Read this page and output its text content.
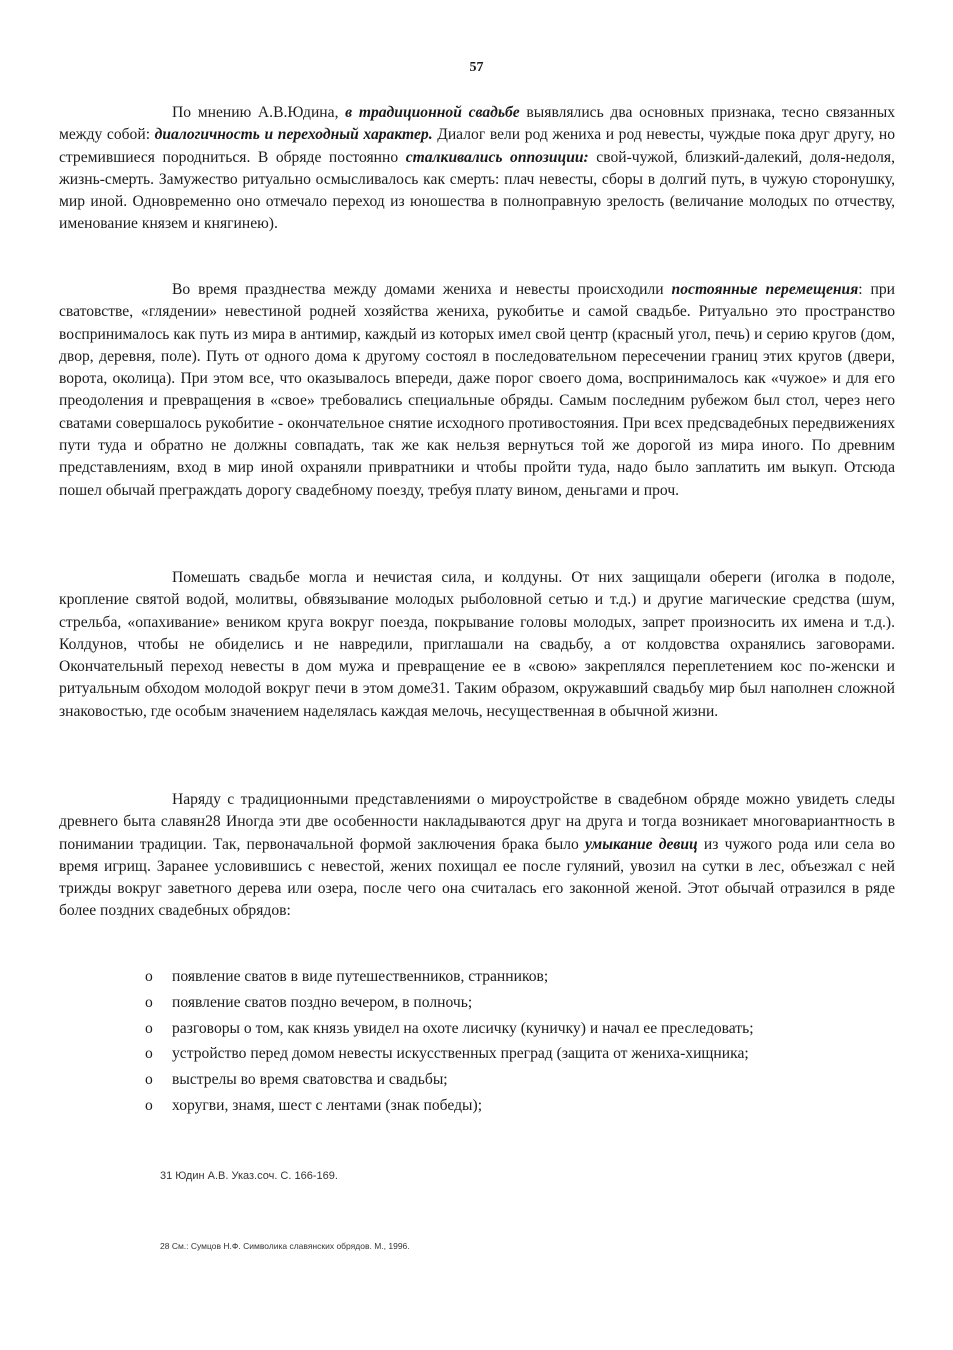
57

По мнению А.В.Юдина, в традиционной свадьбе выявлялись два основных признака, тесно связанных между собой: диалогичность и переходный характер. Диалог вели род жениха и род невесты, чуждые пока друг другу, но стремившиеся породниться. В обряде постоянно сталкивались оппозиции: свой-чужой, близкий-далекий, доля-недоля, жизнь-смерть. Замужество ритуально осмысливалось как смерть: плач невесты, сборы в долгий путь, в чужую сторонушку, мир иной. Одновременно оно отмечало переход из юношества в полноправную зрелость (величание молодых по отчеству, именование князем и княгинею).

Во время празднества между домами жениха и невесты происходили постоянные перемещения: при сватовстве, «глядении» невестиной родней хозяйства жениха, рукобитье и самой свадьбе. Ритуально это пространство воспринималось как путь из мира в антимир, каждый из которых имел свой центр (красный угол, печь) и серию кругов (дом, двор, деревня, поле). Путь от одного дома к другому состоял в последовательном пересечении границ этих кругов (двери, ворота, околица). При этом все, что оказывалось впереди, даже порог своего дома, воспринималось как «чужое» и для его преодоления и превращения в «свое» требовались специальные обряды. Самым последним рубежом был стол, через него сватами совершалось рукобитие - окончательное снятие исходного противостояния. При всех предсвадебных передвижениях пути туда и обратно не должны совпадать, так же как нельзя вернуться той же дорогой из мира иного. По древним представлениям, вход в мир иной охраняли привратники и чтобы пройти туда, надо было заплатить им выкуп. Отсюда пошел обычай преграждать дорогу свадебному поезду, требуя плату вином, деньгами и проч.

Помешать свадьбе могла и нечистая сила, и колдуны. От них защищали обереги (иголка в подоле, кропление святой водой, молитвы, обвязывание молодых рыболовной сетью и т.д.) и другие магические средства (шум, стрельба, «опахивание» веником круга вокруг поезда, покрывание головы молодых, запрет произносить их имена и т.д.). Колдунов, чтобы не обиделись и не навредили, приглашали на свадьбу, а от колдовства охранялись заговорами. Окончательный переход невесты в дом мужа и превращение ее в «свою» закреплялся переплетением кос по-женски и ритуальным обходом молодой вокруг печи в этом доме31. Таким образом, окружавший свадьбу мир был наполнен сложной знаковостью, где особым значением наделялась каждая мелочь, несущественная в обычной жизни.

Наряду с традиционными представлениями о мироустройстве в свадебном обряде можно увидеть следы древнего быта славян28 Иногда эти две особенности накладываются друг на друга и тогда возникает многовариантность в понимании традиции. Так, первоначальной формой заключения брака было умыкание девиц из чужого рода или села во время игрищ. Заранее условившись с невестой, жених похищал ее после гуляний, увозил на сутки в лес, объезжал с ней трижды вокруг заветного дерева или озера, после чего она считалась его законной женой. Этот обычай отразился в ряде более поздних свадебных обрядов:

o появление сватов в виде путешественников, странников;
o появление сватов поздно вечером, в полночь;
o разговоры о том, как князь увидел на охоте лисичку (куничку) и начал ее преследовать;
o устройство перед домом невесты искусственных преград (защита от жениха-хищника;
o выстрелы во время сватовства и свадьбы;
o хоругви, знамя, шест с лентами (знак победы);
31 Юдин А.В. Указ.соч. С. 166-169.
28 См.: Сумцов Н.Ф. Символика славянских обрядов. М., 1996.
